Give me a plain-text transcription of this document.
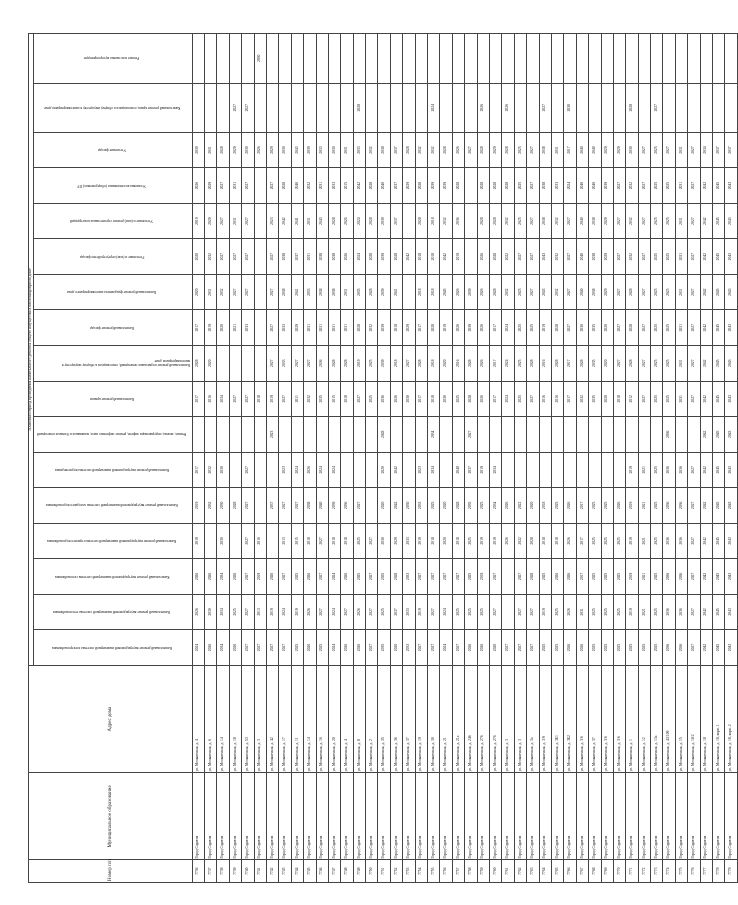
Номер п/п	Муниципальное образование	Адрес дома	Плановый период проведения капитального ремонта общего имущества в многоквартирном доме																
			Капитальный ремонт внутридомовой инженерной системы электроснабжения	Капитальный ремонт внутридомовой инженерной системы теплоснабжения	Капитальный ремонт внутридомовой инженерной системы газоснабжения	Капитальный ремонт внутридомовой инженерной системы горячего водоснабжения	Капитальный ремонт внутридомовой инженерной системы холодного водоснабжения	Капитальный ремонт внутридомовой инженерной системы водоотведения	Ремонт, замена, модернизация лифтов, ремонт лифтовых шахт, машинных и блочных помещений	Капитальный ремонт крыши	Капитальный ремонт подвальных помещений, относящихся к общему имуществу в многоквартирном доме	Капитальный ремонт фасада	Капитальный ремонт фундамента многоквартирного дома	Утепление и (или) переустройство фасада	Утепление и (или) ремонт строительных конструкций	Установка коллективных (общедомовых) ПУ	Утепление фасада	Капитальный ремонт крыш, относящихся к общему имуществу в многоквартирном доме	Ремонт или замена мусоропроводов
7736	Город Саратов	ул. Мельничная, д. 4	2024	2026	2026	2019	2019	2017		2017	2028	2017	2020	2020	2019	2026	2030		
7737	Город Саратов	ул. Мельничная, д. 6	2026	2030	2026		2032	2032		2016	2020	2019	2031	2032	2029	2029	2031		
7738	Город Саратов	ул. Мельничная, д. 14	2034	2034	2034	2030	2030	2030		2034		2020	2032	2027	2027	2027	2028		
7739	Город Саратов	ул. Мельничная, д. 18	2026	2025	2026		2028			2027		2021	2027	2027	2031	2031	2029	2027	
7740	Город Саратов	ул. Мельничная, д. 53	2027	2027	2027	2027	2027	2027		2027		2033	2027	2027	2027	2027	2030	2027	
7741	Город Саратов	ул. Мельничная, д. 3	2027	2013	2019	2016				2018							2026		2030
7742	Город Саратов	ул. Мельничная, д. 42	2027	2019	2026		2037		2023	2019	2027	2027	2027	2027	2023	2027	2029		
7743	Город Саратов	ул. Мельничная, д. 17	2027	2024	2027	2013	2027	2023		2027	2033	2033	2038	2038	2042	2028	2030		
7744	Город Саратов	ул. Мельничная, д. 11	2025	2019	2025	2015	2027	2024		2011	2027	2029	2041	2037	2041	2040	2043		
7745	Город Саратов	ул. Мельничная, д. 14	2026	2026	2026	2018	2038	2026		2032	2027	2031	2033	2031	2031	2032	2039		
7746	Город Саратов	ул. Мельничная, д. 16	2025	2027	2027	2027	2040	2024		2035	2036	2031	2038	2038	2043	2031	2033		
7747	Город Саратов	ул. Мельничная, д. 20	2024	2024	2024	2018	2039	2024		2015	2028	2031	2038	2038	2028	2033	2030		
7748	Город Саратов	ул. Мельничная, д. 4	2026	2027	2026	2018	2036			2018	2028	2031	2031	2026	2026	2015	2031		
7749	Город Саратов	ул. Мельничная, д. 8	2026	2026	2025	2025	2027			2027	2019	2028	2035	2024	2024	2042	2033	2028	
7750	Город Саратов	ул. Мельничная, д. 2	2027	2027	2027	2027				2025	2025	2032	2028	2028	2028	2028	2032		
7751	Город Саратов	ул. Мельничная, д. 35	2035	2025	2035	2030	2020	2020	2028	2036	2039	2039	2039	2039	2039	2040	2038		
7752	Город Саратов	ул. Мельничная, д. 36	2020	2037	2028	2029	2042	2042		2026	2018	2018	2041	2028	2037	2037	2037		
7753	Город Саратов	ул. Мельничная, д. 37	2033	2033	2033	2033	2030			2030	2027	2029		2042		2029	2028		
7754	Город Саратов	ул. Мельничная, д. 19	2027	2019	2027	2019	2033	2023		2017	2028	2017	2018	2018	2028	2028	2032		
7755	Город Саратов	ул. Мельничная, д. 30	2027	2027	2027	2018	2025	2034	2034	2018	2018	2028	2018	2018	2018	2039	2032	2024	
7756	Город Саратов	ул. Мельничная, д. 21	2024	2024	2027	2020	2020			2030	2020	2019	2045	2042	2032	2039	2028		
7757	Город Саратов	ул. Мельничная, д. 21а	2027	2025	2027	2018	2028	2040		2025	2016	2026	2026	2019	2036	2028	2026		
7758	Город Саратов	ул. Мельничная, д. 24б	2026	2025	2025	2025	2035	2037	2027	2028	2028	2039	2039				2027		
7759	Город Саратов	ул. Мельничная, д. 27б	2026	2025	2019	2019	2025	2019		2026	2026	2026	2026	2026	2028	2028	2028	2026	
7760	Город Саратов	ул. Мельничная, д. 27б	2020	2027	2027	2019	2034	2034		2017	2017	2017	2028	2028	2028	2028	2029		
7761	Город Саратов	ул. Мельничная, д. 3	2027			2026	2026			2024	2024	2024	2032	2022	2032	2028	2028	2026	
7762	Город Саратов	ул. Мельничная, д. 3	2027	2027	2027	2022	2022			2025	2025	2025	2025	2027	2025	2025	2025		
7763	Город Саратов	ул. Мельничная, д. 3а	2027	2027	2028	2028	2020			2027	2028	2025	2027	2027	2027	2027	2027		
7764	Город Саратов	ул. Мельничная, д. 3/9	2025	2019	2025	2018	2018			2016	2016	2019	2043	2043	2038	2038	2038	2027	
7765	Город Саратов	ул. Мельничная, д. 3Б1	2025	2025	2026	2018	2025			2016	2028	2028	2032	2032	2032	2033	2031		
7766	Город Саратов	ул. Мельничная, д. 3Б2	2026	2026	2026	2026	2026			2017	2017	2027	2027	2027	2027	2024	2017	2030	
7767	Город Саратов	ул. Мельничная, д. 3/6	2026	2031	2017	2017	2017			2032	2028	2030	2040	2040	2040	2040	2040		
7768	Город Саратов	ул. Мельничная, д. 37	2025	2025	2025	2025	2025			2035	2035	2035	2038	2038	2038	2040	2040		
7769	Город Саратов	ул. Мельничная, д. 3/6	2025	2025	2025	2025	2025			2020	2020	2020	2029	2029	2029	2039	2029		
7770	Город Саратов	ул. Мельничная, д. 3/6	2025	2025	2025	2025	2026			2018	2027	2027	2027	2027	2027	2027	2029		
7771	Город Саратов	ул. Мельничная, д. 1	2025	2019	2019	2019	2019	2019		2012	2028	2028	2028	2032	2032	2032	2030	2028	
7772	Город Саратов	ул. Мельничная, д. 12	2025	2021	2021	2021	2021	2021		2027	2027	2027	2027	2027	2027	2027	2027		
7773	Город Саратов	ул. Мельничная, д. 13а	2025	2025	2025	2025	2025	2025		2025	2025	2025	2025	2025	2025	2025	2025	2027	
7774	Город Саратов	ул. Мельничная, д. 43/109	2036	2036	2036	2036	2036	2036	2036	2025	2025	2025	2025	2025	2025	2025	2027		
7775	Город Саратов	ул. Мельничная, д. 15	2036	2036	2036	2036	2036	2036		2031	2031	2031	2031	2031	2031	2031	2031		
7776	Город Саратов	ул. Мельничная, д. 18/2	2027	2027	2027	2027	2027	2027		2027	2027	2027	2027	2027	2027	2027	2027		
7777	Город Саратов	ул. Мельничная, д. 18	2042	2042	2042	2042	2042	2042	2042	2042	2042	2042	2042	2042	2042	2042	2034		
7778	Город Саратов	ул. Мельничная, д. 18, корп. 1	2045	2045	2045	2045	2045	2045	2045	2045	2045	2045	2045	2045	2045	2045	2037		
7779	Город Саратов	ул. Мельничная, д. 18, корп. 2	2043	2043	2043	2043	2043	2043	2043	2043	2043	2043	2043	2043	2043	2043	2037		
